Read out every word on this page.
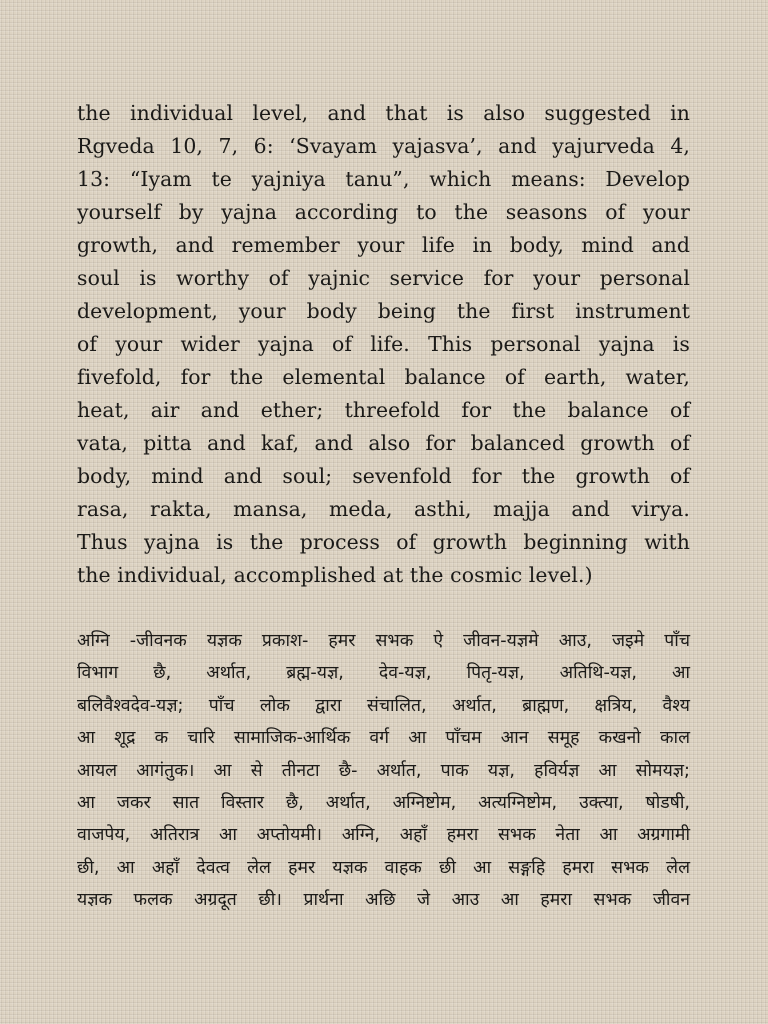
the individual level, and that is also suggested in
Rgveda 10, 7, 6: ‘Svayam yajasva’, and yajurveda 4,
13: “Iyam te yajniya tanu”, which means: Develop
yourself by yajna according to the seasons of your
growth, and remember your life in body, mind and
soul is worthy of yajnic service for your personal
development, your body being the first instrument
of your wider yajna of life. This personal yajna is
fivefold, for the elemental balance of earth, water,
heat, air and ether; threefold for the balance of
vata, pitta and kaf, and also for balanced growth of
body, mind and soul; sevenfold for the growth of
rasa, rakta, mansa, meda, asthi, majja and virya.
Thus yajna is the process of growth beginning with
the individual, accomplished at the cosmic level.)

अग्नि -जीवनक यज्ञक प्रकाश- हमर सभक ऐ जीवन-यज्ञमे आउ, जइमे पाँच
विभाग छै, अर्थात, ब्रह्म-यज्ञ, देव-यज्ञ, पितृ-यज्ञ, अतिथि-यज्ञ, आ
बलिवैश्वदेव-यज्ञ; पाँच लोक द्वारा संचालित, अर्थात, ब्राह्मण, क्षत्रिय, वैश्य
आ शूद्र क चारि सामाजिक-आर्थिक वर्ग आ पाँचम आन समूह कखनो काल
आयल आगंतुक। आ से तीनटा छै- अर्थात, पाक यज्ञ, हविर्यज्ञ आ सोमयज्ञ;
आ जकर सात विस्तार छै, अर्थात, अग्निष्टोम, अत्यग्निष्टोम, उक्त्या, षोडषी,
वाजपेय, अतिरात्र आ अप्तोयमी। अग्नि, अहाँ हमरा सभक नेता आ अग्रगामी
छी, आ अहाँ देवत्व लेल हमर यज्ञक वाहक छी आ सङ्गहि हमरा सभक लेल
यज्ञक फलक अग्रदूत छी। प्रार्थना अछि जे आउ आ हमरा सभक जीवन
